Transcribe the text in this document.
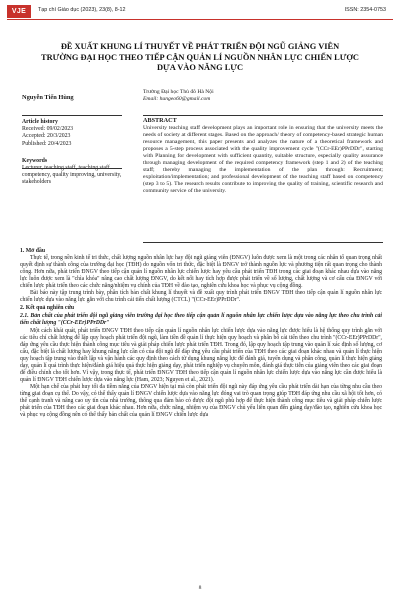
VJE	Tạp chí Giáo dục (2023), 23(8), 8-12	ISSN: 2354-0753
ĐỀ XUẤT KHUNG LÍ THUYẾT VỀ PHÁT TRIỂN ĐỘI NGŨ GIẢNG VIÊN
TRƯỜNG ĐẠI HỌC THEO TIẾP CẬN QUẢN LÍ NGUỒN NHÂN LỰC CHIẾN LƯỢC
DỰA VÀO NĂNG LỰC
Nguyễn Tiến Hùng
Trường Đại học Thủ đô Hà Nội
Email: hungeo60@gmail.com
Article history
Received: 09/02/2023
Accepted: 20/3/2023
Published: 20/4/2023
Keywords
competency, quality improving, university, stakeholders
ABSTRACT

University teaching staff development plays an important role in ensuring that the university meets the needs of society at different stages. Based on the approach/ theory of competency-based strategic human resource management, this paper presents and analyzes the nature of a theoretical framework and proposes a 5-step process associated with the quality improvement cycle "(CCr-EEr)PPrDDr", starting with Planning for development with sufficient quantity, suitable structure, especially quality assurance through managing development of the required competency framework (step 1 and 2) of the teaching staff; thereby managing the implementation of the plan through: Recruitment; exploitation/implementation; and professional development of the teaching staff based on competency (step 3 to 5). The research results contribute to improving the quality of training, scientific research and community service of the university.

1. Mở đầu

Thực tế, trong nền kinh tế tri thức, chất lượng nguồn nhân lực hay đội ngũ giảng viên (ĐNGV) luôn được xem là một trong các nhân tố quan trọng nhất quyết định sự thành công của trường đại học (TĐH) do nguồn vốn tri thức, đặc biệt là ĐNGV trở thành nguồn lực và phương tiện rất quan trọng cho thành công. Hơn nữa, phát triển ĐNGV theo tiếp cận quản lí nguồn nhân lực chiến lược hay yêu cầu phát triển TĐH trong các giai đoạn khác nhau dựa vào năng lực luôn được xem là "chìa khóa" nâng cao chất lượng ĐNGV, do kết nối hay tích hợp được phát triển về số lượng, chất lượng và cơ cấu của ĐNGV với chiến lược phát triển theo các chức năng/nhiệm vụ chính của TĐH về đào tạo, nghiên cứu khoa học và phục vụ cộng đồng.

Bài báo này tập trung trình bày, phân tích bản chất khung lí thuyết và đề xuất quy trình phát triển ĐNGV TĐH theo tiếp cận quản lí nguồn nhân lực chiến lược dựa vào năng lực gắn với chu trình cải tiến chất lượng (CTCL) "(CCr-EEr)PPrDDr".

2. Kết quả nghiên cứu

2.1. Bản chất của phát triển đội ngũ giảng viên trường đại học theo tiếp cận quản lí nguồn nhân lực chiến lược dựa vào năng lực theo chu trình cải tiến chất lượng "(CCr-EEr)PPrDDr"

Một cách khái quát, phát triển ĐNGV TĐH theo tiếp cận quản lí nguồn nhân lực chiến lược dựa vào năng lực được hiểu là hệ thống quy trình gắn với các tiêu chí chất lượng để lập quy hoạch phát triển đội ngũ, làm tiền đề quản lí thực hiện quy hoạch và phân bổ cải tiến theo chu trình "(CCr-EEr)PPrDDr", đáp ứng yêu cầu thực hiện thành công mục tiêu và giải pháp chiến lược phát triển TĐH. Trong đó, lập quy hoạch tập trung vào quản lí xác định số lượng, cơ cấu, đặc biệt là chất lượng hay khung năng lực cần có của đội ngũ để đáp ứng yêu cầu phát triển của TĐH theo các giai đoạn khác nhau và quản lí thực hiện quy hoạch tập trung vào thiết lập và vận hành các quy định theo cách từ dụng khung năng lực để đánh giá, tuyển dụng và phân công, quản lí thực hiện giảng dạy, quản lí quá trình thực hiện/đánh giá hiệu quả thực hiện giảng dạy, phát triển nghiệp vụ chuyên môn, đánh giá thực tiễn của giảng viên theo các giai đoạn để điều chỉnh cho tốt hơn. Vì vậy, trong thực tế, phát triển ĐNGV TĐH theo tiếp cận quản lí nguồn nhân lực chiến lược dựa vào năng lực cần được hiểu là quản lí ĐNGV TĐH chiến lược dựa vào năng lực (Ham, 2023; Nguyen et al., 2021).

Một hạn chế của phát huy tối đa tiềm năng của ĐNGV hiện tại mà còn phát triển đội ngũ này đáp ứng yêu cầu phát triển dài hạn của từng nhu cầu theo từng giai đoạn cụ thể. Do vậy, có thể thấy quản lí ĐNGV chiến lược dựa vào năng lực đóng vai trò quan trọng giúp TĐH đáp ứng nhu cầu xã hội tốt hơn, có thể cạnh tranh và nâng cao uy tín của nhà trường, thông qua đảm bảo có được đội ngũ phù hợp để thực hiện thành công mục tiêu và giải pháp chiến lược phát triển của TĐH theo các giai đoạn khác nhau. Hơn nữa, chức năng, nhiệm vụ của ĐNGV chủ yếu liên quan đến giảng dạy/đào tạo, nghiên cứu khoa học và phục vụ cộng đồng nên có thể thấy bản chất của quản lí ĐNGV chiến lược dựa

8
